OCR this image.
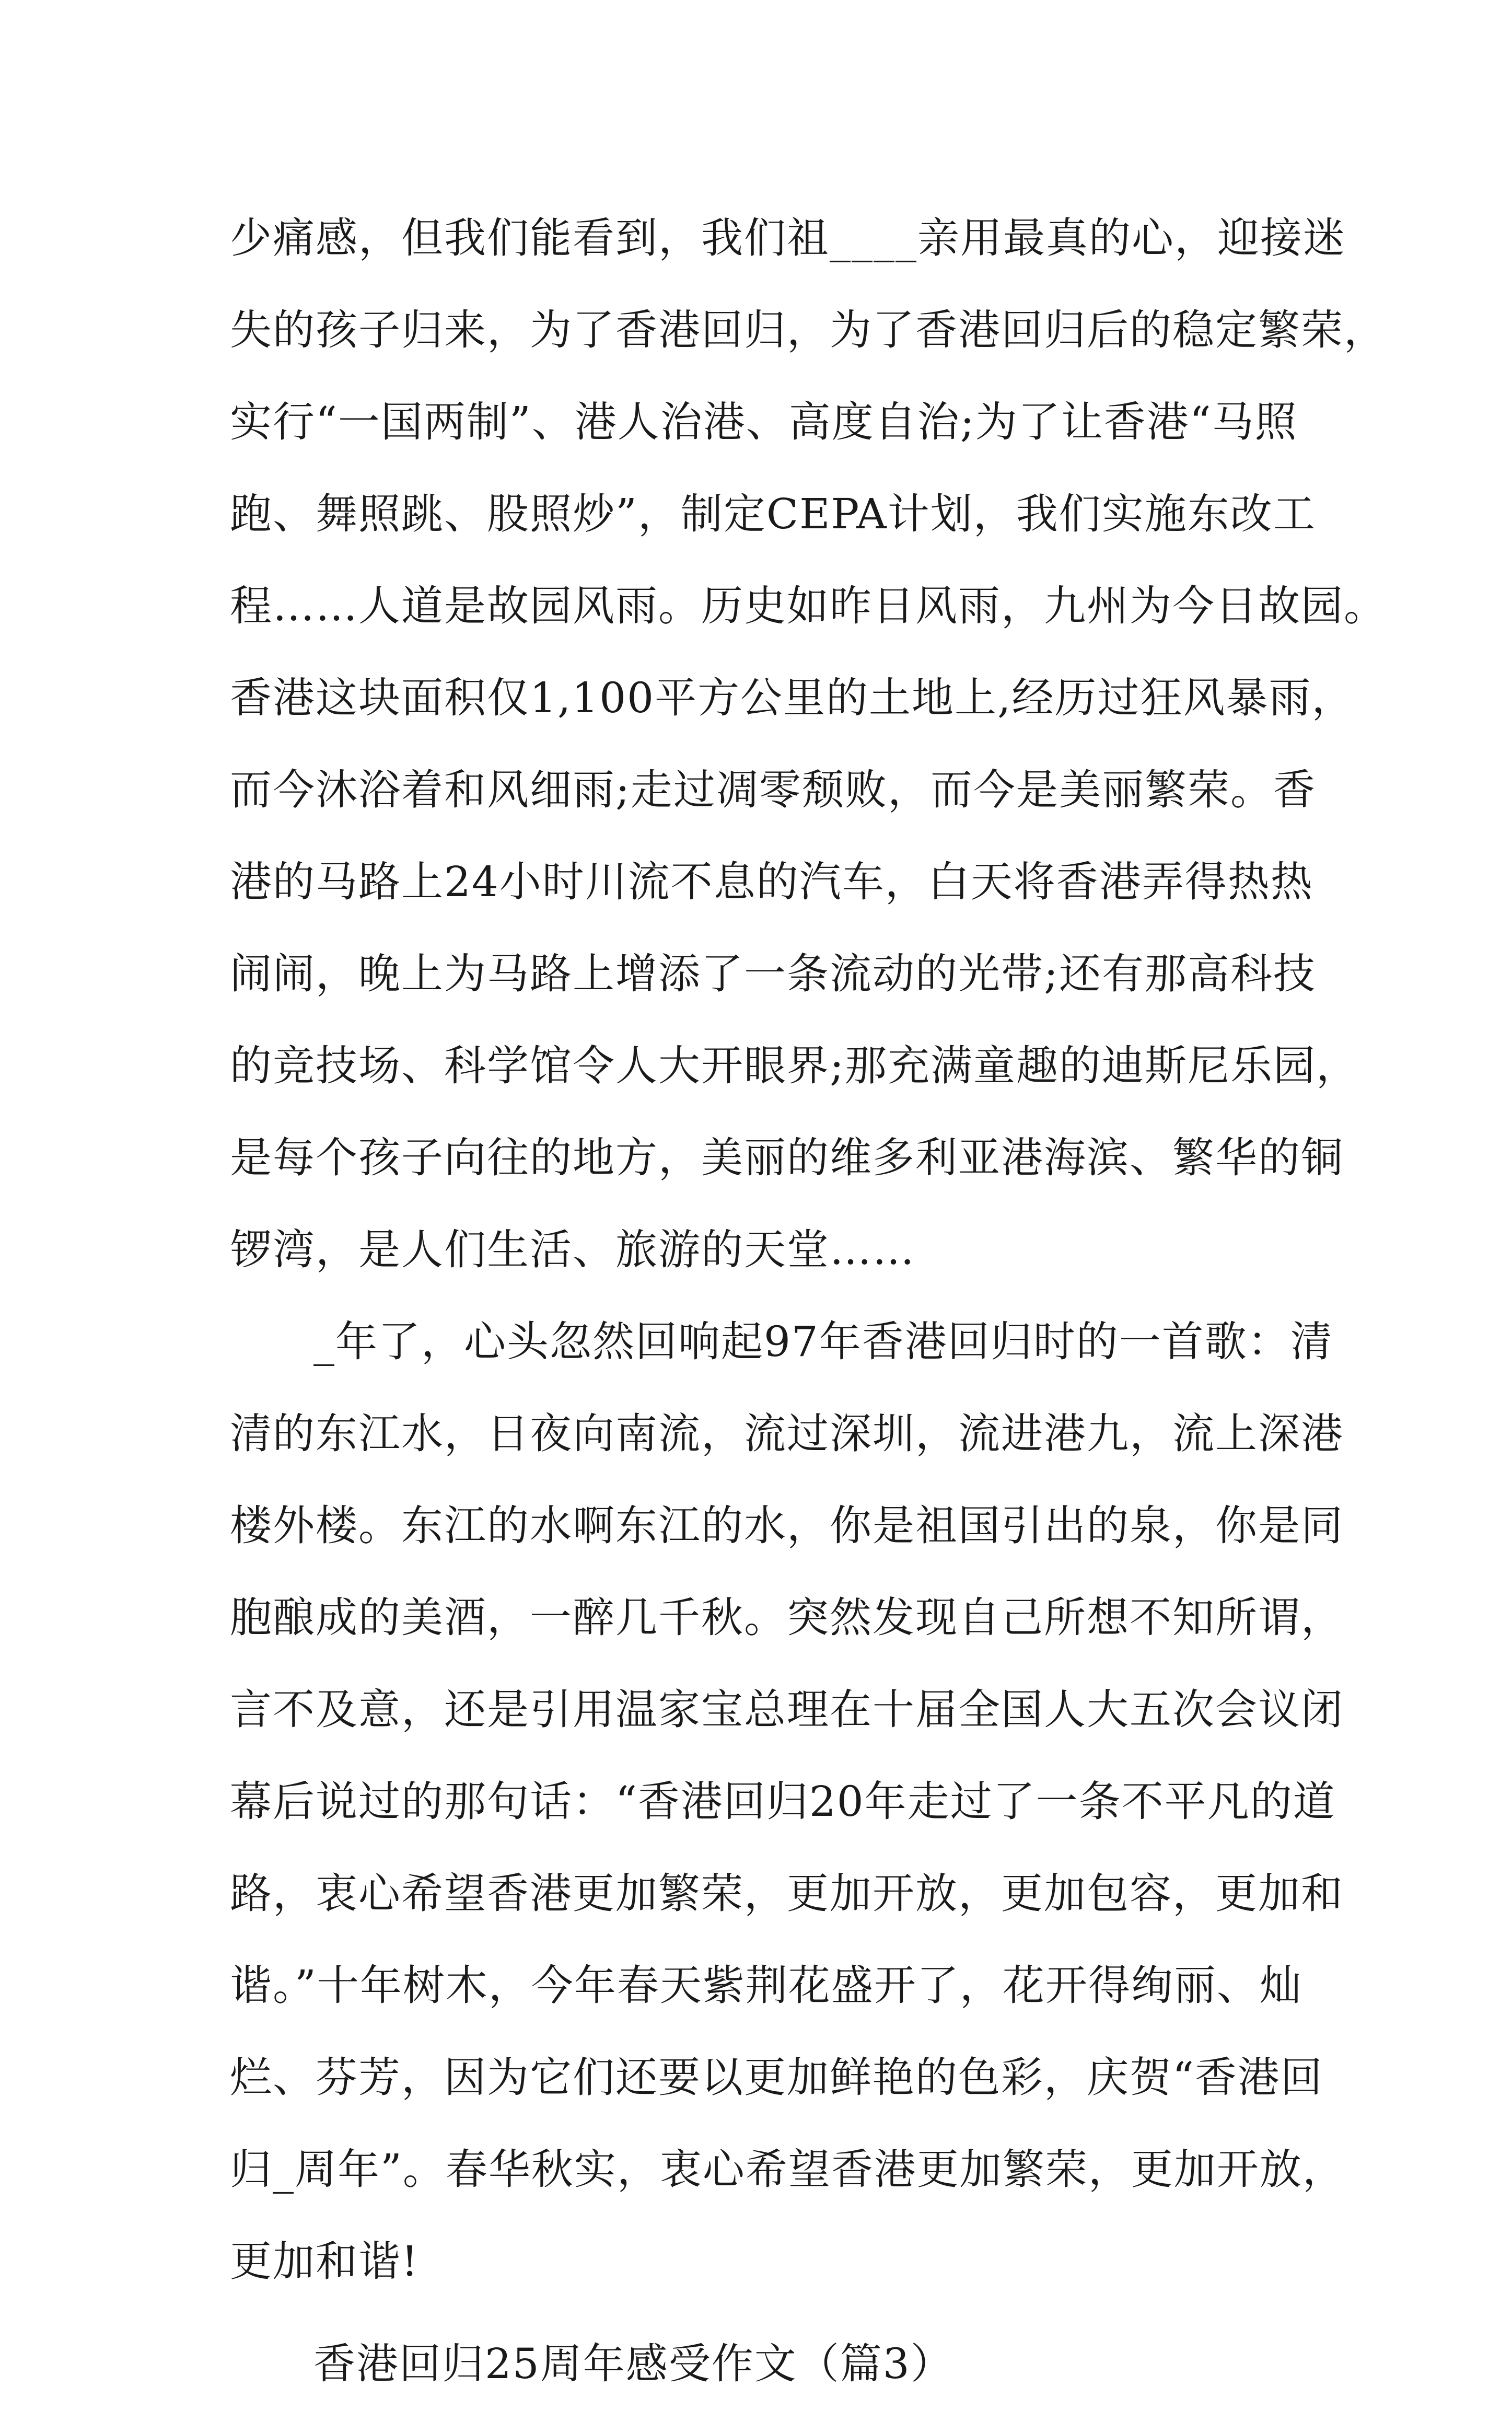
少痛感，但我们能看到，我们祖____亲用最真的心，迎接迷
失的孩子归来，为了香港回归，为了香港回归后的稳定繁荣，
实行“一国两制”、港人治港、高度自治;为了让香港“马照
跑、舞照跳、股照炒”，制定CEPA计划，我们实施东改工
程……人道是故园风雨。历史如昨日风雨，九州为今日故园。
香港这块面积仅1,100平方公里的土地上,经历过狂风暴雨，
而今沐浴着和风细雨;走过凋零颓败，而今是美丽繁荣。香
港的马路上24小时川流不息的汽车，白天将香港弄得热热
闹闹，晚上为马路上增添了一条流动的光带;还有那高科技
的竞技场、科学馆令人大开眼界;那充满童趣的迪斯尼乐园，
是每个孩子向往的地方，美丽的维多利亚港海滨、繁华的铜
锣湾，是人们生活、旅游的天堂……
_年了，心头忽然回响起97年香港回归时的一首歌：清
清的东江水，日夜向南流，流过深圳，流进港九，流上深港
楼外楼。东江的水啊东江的水，你是祖国引出的泉，你是同
胞酿成的美酒，一醉几千秋。突然发现自己所想不知所谓，
言不及意，还是引用温家宝总理在十届全国人大五次会议闭
幕后说过的那句话：“香港回归20年走过了一条不平凡的道
路，衷心希望香港更加繁荣，更加开放，更加包容，更加和
谐。”十年树木，今年春天紫荆花盛开了，花开得绚丽、灿
烂、芬芳，因为它们还要以更加鲜艳的色彩，庆贺“香港回
归_周年”。春华秋实，衷心希望香港更加繁荣，更加开放，
更加和谐!
香港回归25周年感受作文（篇3）
